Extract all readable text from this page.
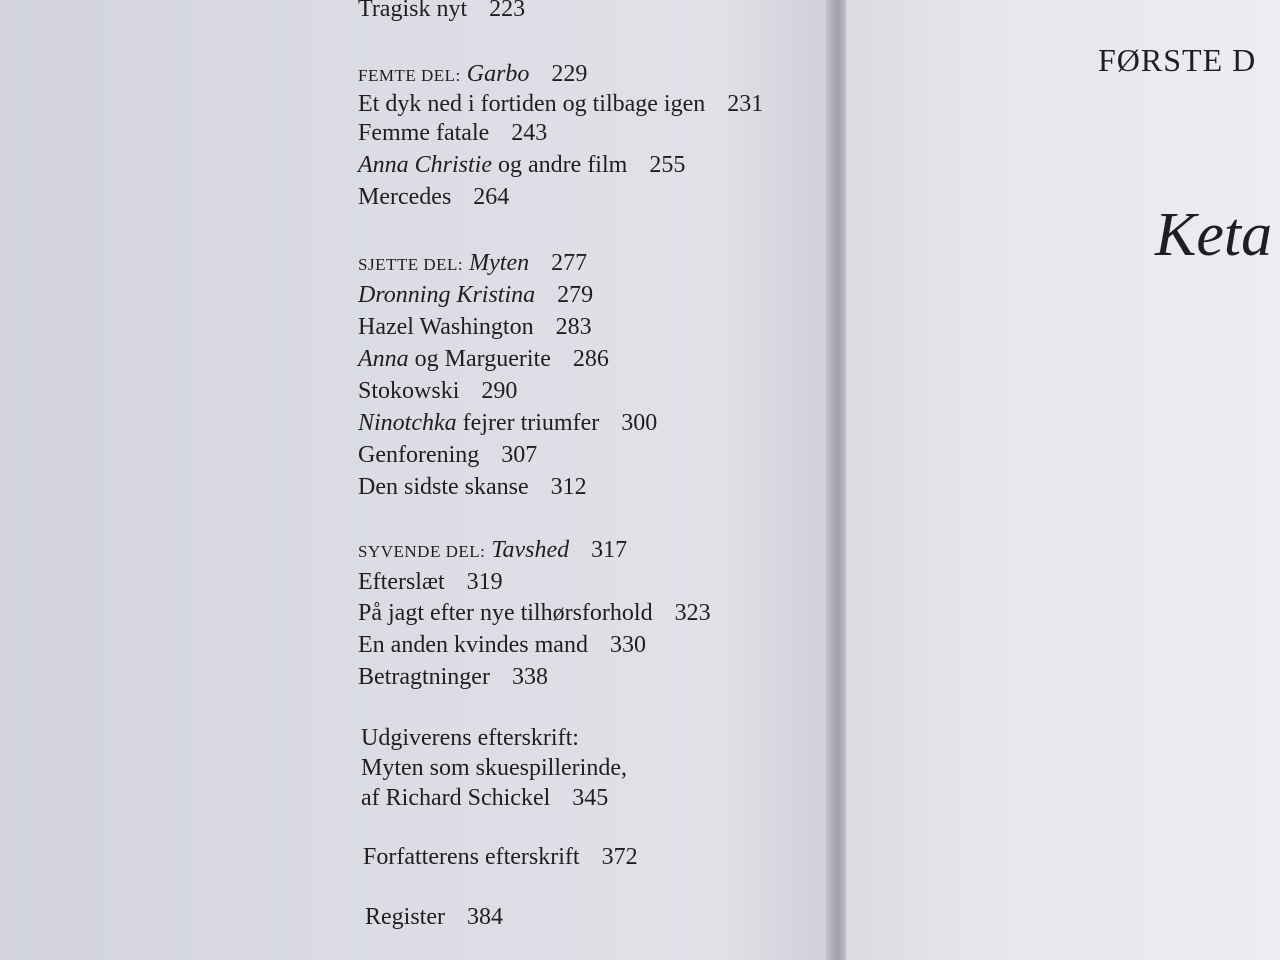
Tragisk nyt 223
FEMTE DEL: Garbo 229
Et dyk ned i fortiden og tilbage igen 231
Femme fatale 243
Anna Christie og andre film 255
Mercedes 264
SJETTE DEL: Myten 277
Dronning Kristina 279
Hazel Washington 283
Anna og Marguerite 286
Stokowski 290
Ninotchka fejrer triumfer 300
Genforening 307
Den sidste skanse 312
SYVENDE DEL: Tavshed 317
Efterslæt 319
På jagt efter nye tilhørsforhold 323
En anden kvindes mand 330
Betragtninger 338
Udgiverens efterskrift:
Myten som skuespillerinde,
af Richard Schickel 345
Forfatterens efterskrift 372
Register 384
FØRSTE D
Keta
